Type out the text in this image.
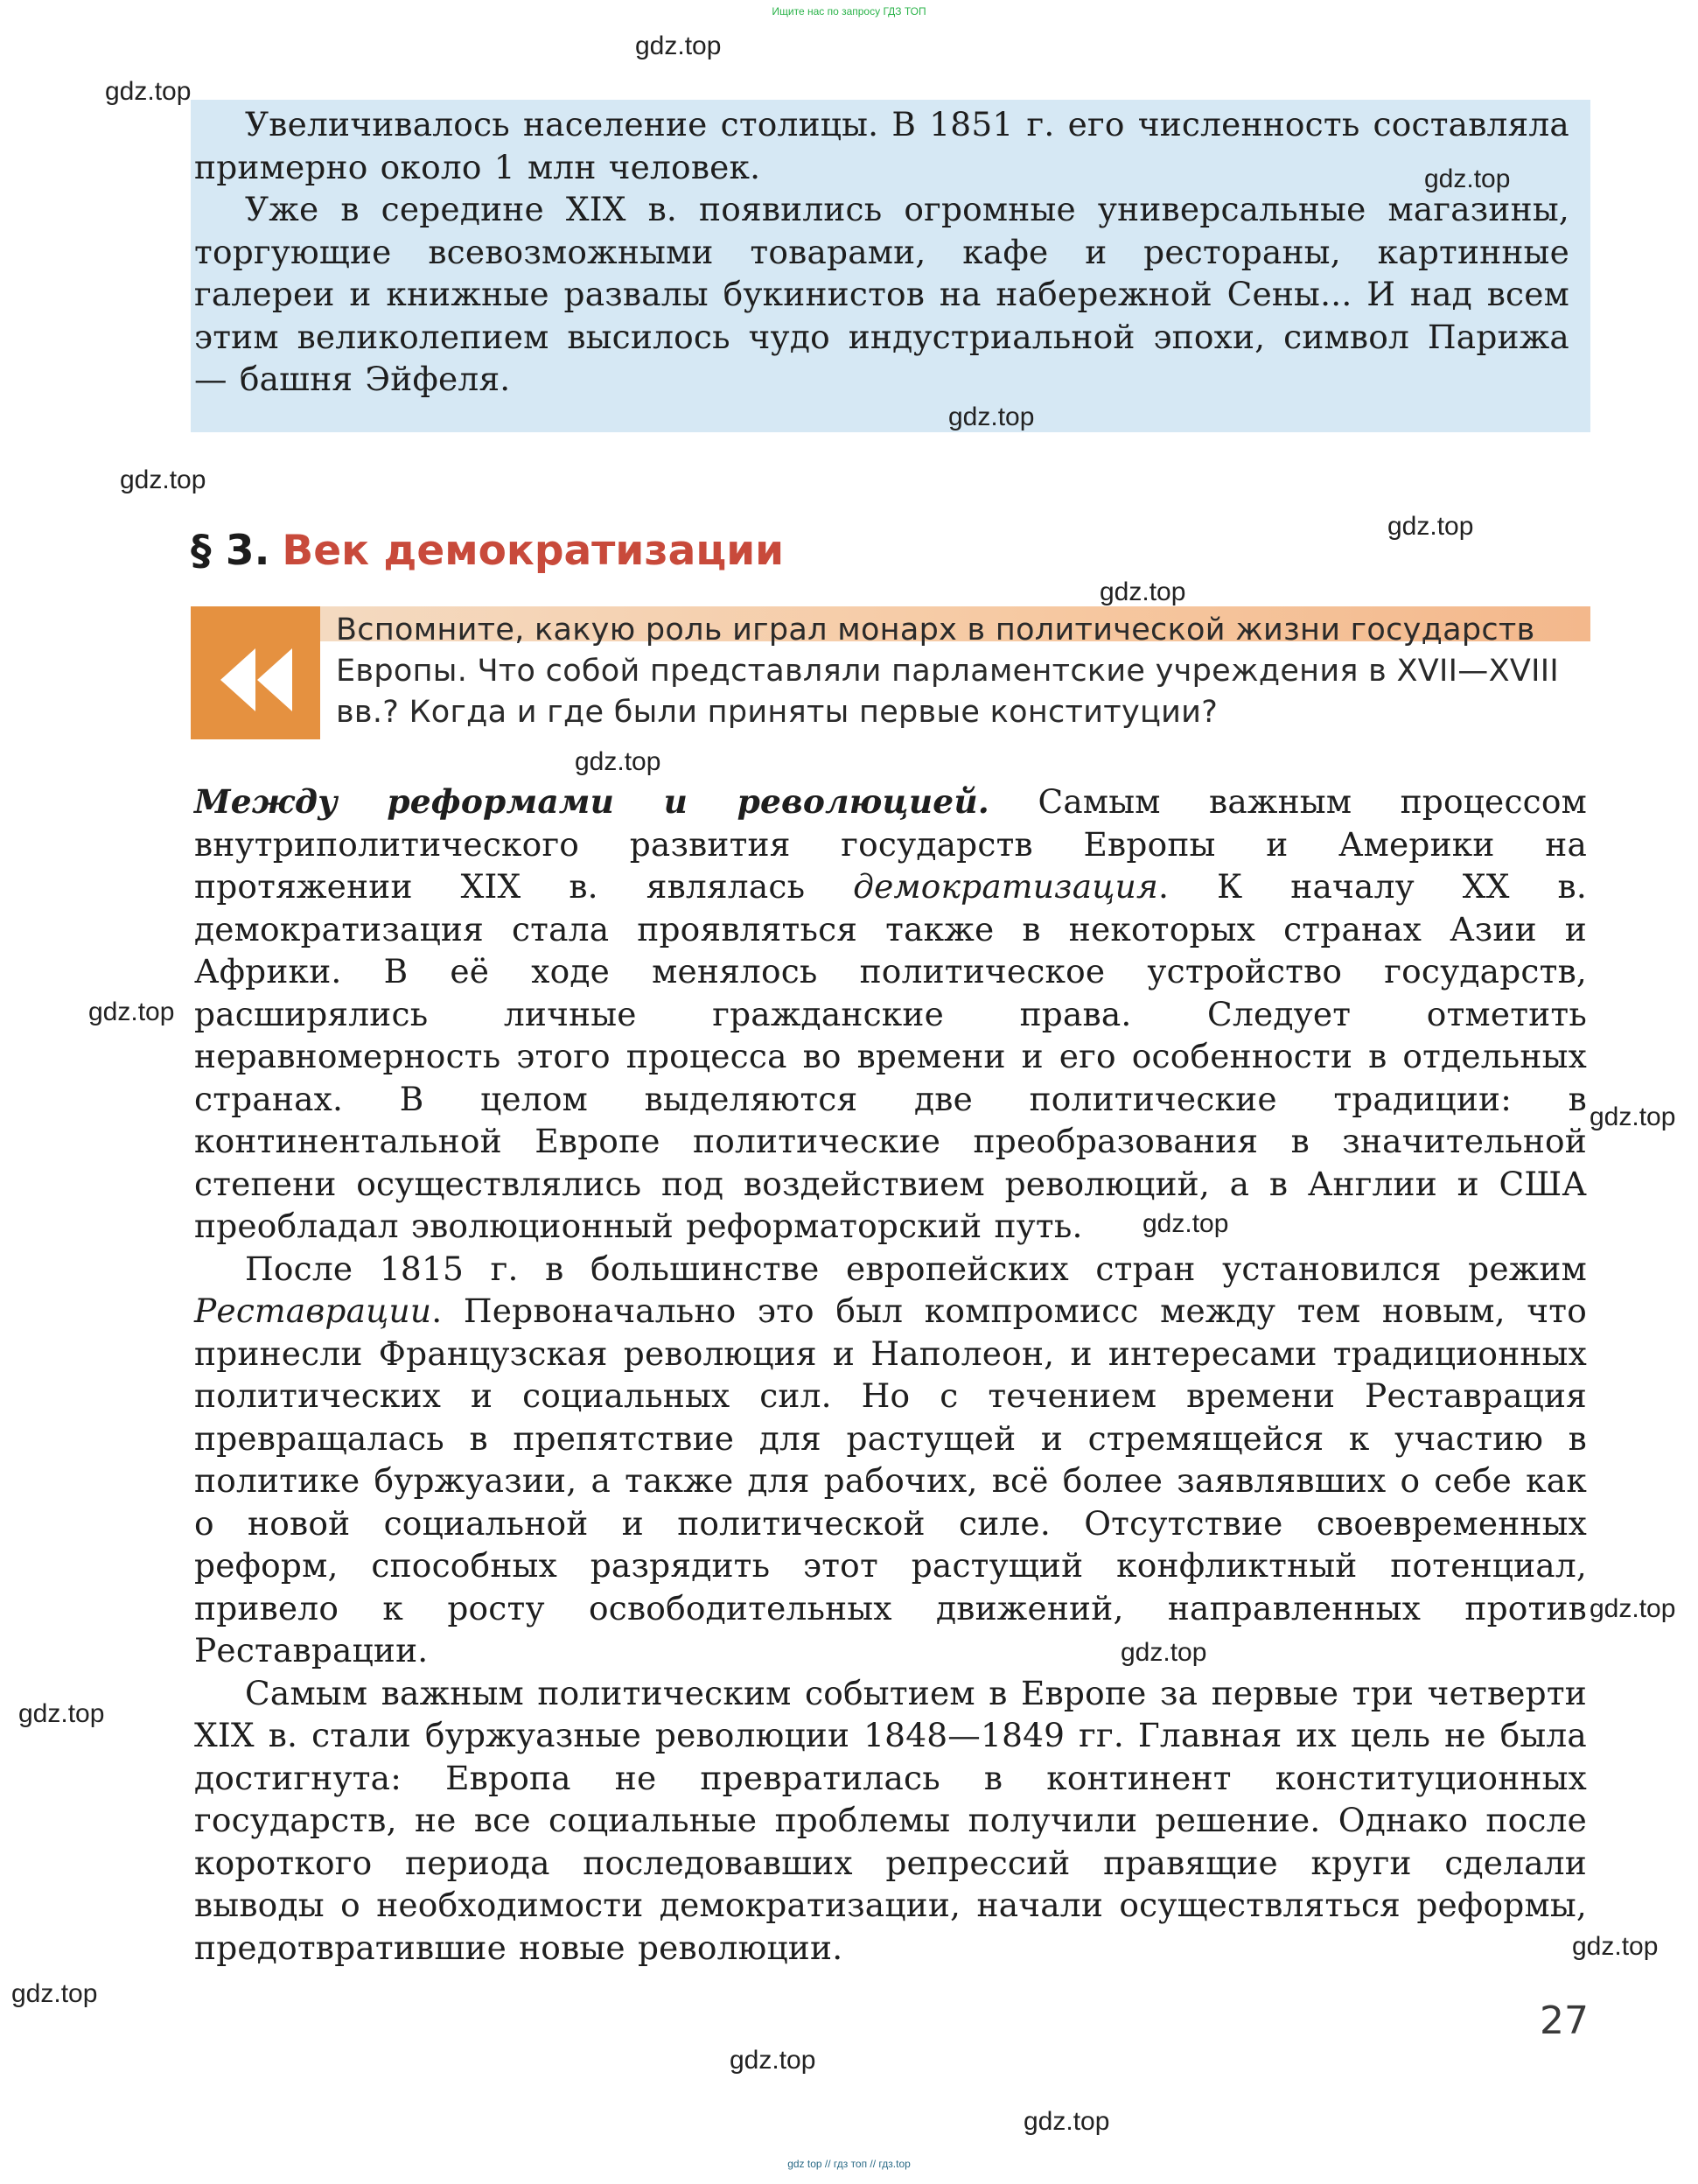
Ищите нас по запросу ГДЗ ТОП

Увеличивалось население столицы. В 1851 г. его численность составляла примерно около 1 млн человек.

Уже в середине XIX в. появились огромные универсальные магазины, торгующие всевозможными товарами, кафе и рестораны, картинные галереи и книжные развалы букинистов на набережной Сены... И над всем этим великолепием высилось чудо индустриальной эпохи, символ Парижа — башня Эйфеля.

§ 3. Век демократизации
Вспомните, какую роль играл монарх в политической жизни государств Европы. Что собой представляли парламентские учреждения в XVII—XVIII вв.? Когда и где были приняты первые конституции?

Между реформами и революцией. Самым важным процессом внутриполитического развития государств Европы и Америки на протяжении XIX в. являлась демократизация. К началу XX в. демократизация стала проявляться также в некоторых странах Азии и Африки. В её ходе менялось политическое устройство государств, расширялись личные гражданские права. Следует отметить неравномерность этого процесса во времени и его особенности в отдельных странах. В целом выделяются две политические традиции: в континентальной Европе политические преобразования в значительной степени осуществлялись под воздействием революций, а в Англии и США преобладал эволюционный реформаторский путь.

После 1815 г. в большинстве европейских стран установился режим Реставрации. Первоначально это был компромисс между тем новым, что принесли Французская революция и Наполеон, и интересами традиционных политических и социальных сил. Но с течением времени Реставрация превращалась в препятствие для растущей и стремящейся к участию в политике буржуазии, а также для рабочих, всё более заявлявших о себе как о новой социальной и политической силе. Отсутствие своевременных реформ, способных разрядить этот растущий конфликтный потенциал, привело к росту освободительных движений, направленных против Реставрации.

Самым важным политическим событием в Европе за первые три четверти XIX в. стали буржуазные революции 1848—1849 гг. Главная их цель не была достигнута: Европа не превратилась в континент конституционных государств, не все социальные проблемы получили решение. Однако после короткого периода последовавших репрессий правящие круги сделали выводы о необходимости демократизации, начали осуществляться реформы, предотвратившие новые революции.

27
gdz top // гдз топ // гдз.top
gdz.top
gdz.top
gdz.top
gdz.top
gdz.top
gdz.top
gdz.top
gdz.top
gdz.top
gdz.top
gdz.top
gdz.top
gdz.top
gdz.top
gdz.top
gdz.top
gdz.top
gdz.top
